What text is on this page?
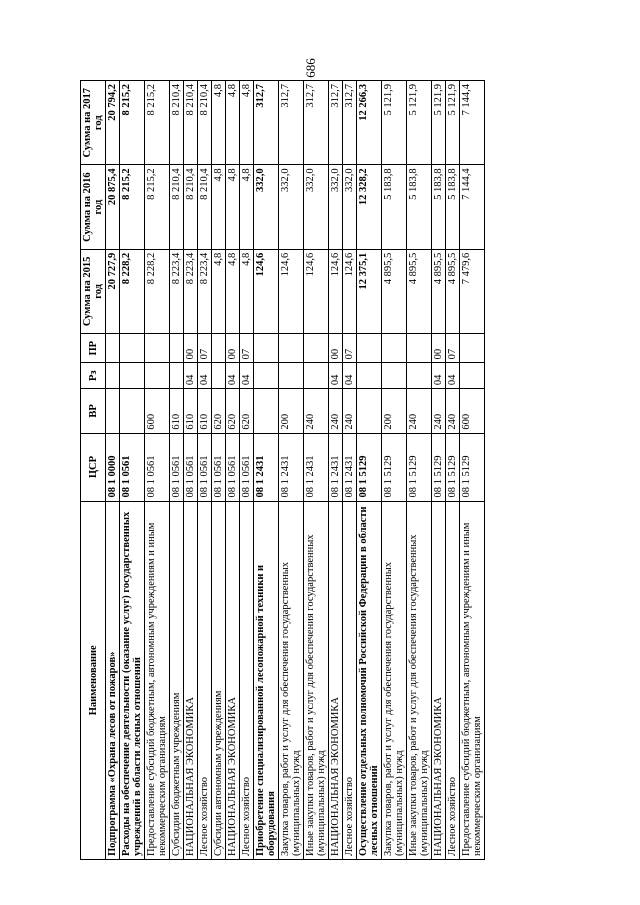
686
Наименование	ЦСР	ВР	Рз	ПР	Сумма на 2015 год	Сумма на 2016 год	Сумма на 2017 год
Подпрограмма «Охрана лесов от пожаров»	08 1 0000				20 727,9	20 875,4	20 794,2
Расходы на обеспечение деятельности (оказание услуг) государственных учреждений в области лесных отношений	08 1 0561				8 228,2	8 215,2	8 215,2
Предоставление субсидий бюджетным, автономным учреждениям и иным некоммерческим организациям	08 1 0561	600			8 228,2	8 215,2	8 215,2
Субсидии бюджетным учреждениям	08 1 0561	610			8 223,4	8 210,4	8 210,4
НАЦИОНАЛЬНАЯ ЭКОНОМИКА	08 1 0561	610	04	00	8 223,4	8 210,4	8 210,4
Лесное хозяйство	08 1 0561	610	04	07	8 223,4	8 210,4	8 210,4
Субсидии автономным учреждениям	08 1 0561	620			4,8	4,8	4,8
НАЦИОНАЛЬНАЯ ЭКОНОМИКА	08 1 0561	620	04	00	4,8	4,8	4,8
Лесное хозяйство	08 1 0561	620	04	07	4,8	4,8	4,8
Приобретение специализированной лесопожарной техники и оборудования	08 1 2431				124,6	332,0	312,7
Закупка товаров, работ и услуг для обеспечения государственных (муниципальных) нужд	08 1 2431	200			124,6	332,0	312,7
Иные закупки товаров, работ и услуг для обеспечения государственных (муниципальных) нужд	08 1 2431	240			124,6	332,0	312,7
НАЦИОНАЛЬНАЯ ЭКОНОМИКА	08 1 2431	240	04	00	124,6	332,0	312,7
Лесное хозяйство	08 1 2431	240	04	07	124,6	332,0	312,7
Осуществление отдельных полномочий Российской Федерации в области лесных отношений	08 1 5129				12 375,1	12 328,2	12 266,3
Закупка товаров, работ и услуг для обеспечения государственных (муниципальных) нужд	08 1 5129	200			4 895,5	5 183,8	5 121,9
Иные закупки товаров, работ и услуг для обеспечения государственных (муниципальных) нужд	08 1 5129	240			4 895,5	5 183,8	5 121,9
НАЦИОНАЛЬНАЯ ЭКОНОМИКА	08 1 5129	240	04	00	4 895,5	5 183,8	5 121,9
Лесное хозяйство	08 1 5129	240	04	07	4 895,5	5 183,8	5 121,9
Предоставление субсидий бюджетным, автономным учреждениям и иным некоммерческим организациям	08 1 5129	600			7 479,6	7 144,4	7 144,4
